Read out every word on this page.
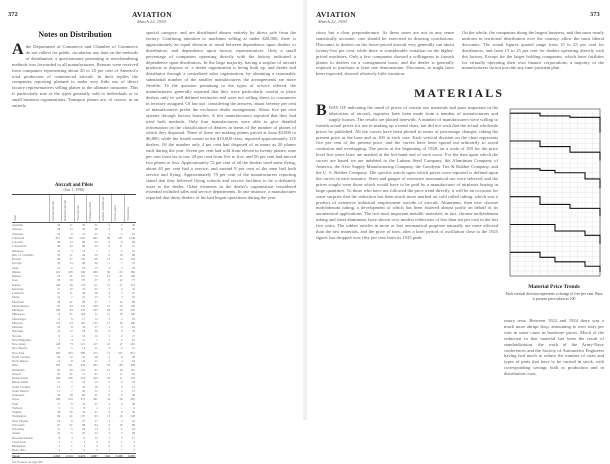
372	AVIATION
March 22, 1930
Notes on Distribution

Athe Department of Commerce and Chamber of Commerce do not collect for public circulation any data on the methods of distribution, a questionnaire pertaining to merchandising methods was forwarded to all manufacturers. Returns were received from companies representing about 20 to 25 per cent of America's total production of commercial aircraft. In their replies the companies reporting planned to make very little use of direct factory representatives selling planes to the ultimate consumer. This is particularly true of the types generally sold to individuals or to small business organizations. Transport planes are, of course, in an entirely

Aircraft and Pilots
(Jan. 1, 1930)
State	Licensed aircraft	Identified aircraft	Total aircraft	Transport pilots	Limited commercial	Private pilots	Total pilots
Alabama	18	11	29	31	4	5	40
Arizona	28	14	42	38	3	6	47
Arkansas	22	9	31	21	4	2	27
California	871	310	1181	963	98	185	1246
Colorado	46	14	60	54	6	9	69
Connecticut	40	22	62	42	8	11	61
Delaware	10	4	14	7	1	2	10
Dist. of Columbia	33	11	44	59	9	18	86
Florida	96	37	133	119	11	24	154
Georgia	33	13	46	39	5	7	51
Idaho	12	6	18	13	2	3	18
Illinois	241	108	349	266	36	82	384
Indiana	74	41	115	73	12	21	106
Iowa	58	29	87	57	8	12	77
Kansas	128	48	176	111	15	27	153
Kentucky	21	10	31	24	3	4	31
Louisiana	27	11	38	36	4	7	47
Maine	14	7	21	13	2	3	18
Maryland	39	21	60	47	7	12	66
Massachusetts	97	44	141	108	15	33	156
Michigan	196	83	279	187	29	54	270
Minnesota	72	31	103	71	11	18	100
Mississippi	11	6	17	12	2	2	16
Missouri	133	54	187	137	17	36	190
Montana	16	8	24	17	3	4	24
Nebraska	41	17	58	36	6	8	50
Nevada	9	4	13	14	1	2	17
New Hampshire	7	4	11	7	1	2	10
New Jersey	148	73	221	147	22	47	216
New Mexico	9	5	14	11	2	2	15
New York	496	203	699	573	71	167	811
North Carolina	29	12	41	28	4	6	38
North Dakota	14	8	22	11	2	3	16
Ohio	303	131	434	297	43	88	428
Oklahoma	85	36	121	91	12	18	121
Oregon	50	21	71	47	7	11	65
Pennsylvania	246	108	354	249	33	71	353
Rhode Island	11	5	16	13	2	3	18
South Carolina	15	7	22	16	2	3	21
South Dakota	13	7	20	11	2	2	15
Tennessee	42	18	60	41	6	9	56
Texas	268	104	372	291	34	56	381
Utah	17	8	25	21	3	4	28
Vermont	5	3	8	4	1	1	6
Virginia	36	16	52	41	6	9	56
Washington	96	41	137	93	13	22	128
West Virginia	18	9	27	17	3	4	24
Wisconsin	67	31	98	64	9	16	89
Wyoming	11	5	16	14	2	2	18
Alaska	19	6	25	22	3	3	28
Hawaiian Islands	8	3	11	12	2	3	17
Canal Zone	2	1	3	4	0	1	5
Philippines	2	1	3	3	0	1	4
Puerto Rico	3	1	4	3	1	1	5
Totals	4,563	2,113	6,676	4,887	642	1,280	6,809
See footnote on page 366

special category, and are distributed almost entirely by direct sale from the factory. Confining attention to machines selling at under $20,000, there is approximately an equal division of trend between dependence upon dealers or distributors, and dependence upon factory representatives. Only a small percentage of companies operating directly with the factory indicated a dependence upon distributors. In the large majority, having a surplus of aircraft products to dispose of, a dealer organization is being built up, and dealer and distributor through a centralized sales organization, by obtaining a reasonably substantial number of the smaller manufacturers the arrangements are more flexible. To the question pertaining to the types of service offered, the manufacturers generally reported that they were particularly careful to place dealers only in well-defined territories and were not selling direct to consumers in territory assigned. Of fair use, considering the answers, about seventy per cent of manufacturers prefer the exclusive dealer arrangement. About five per cent operate through factory branches. A few manufacturers reported that they had tried both methods. Only four manufacturers were able to give detailed information on the classification of dealers in terms of the number of planes of which they disposed. Three of these are making planes priced at from $3,000 to $6,000, while the fourth comes in the $10,000 class, reported approximately 125 dealers. Of the number only 4 per cent had disposed of as many as 20 planes each during the year. Seven per cent had sold from eleven to twenty planes; nine per cent from six to ten; 20 per cent from five to five, and 56 per cent had moved two planes or less. Approximately 72 per cent of all the dealers used some flying, about 20 per cent had a service, and around 8 per cent of the men had both service and flying. Approximately 75 per cent of the manufacturers reporting stated that they believed flying schools and service facilities to be a definitely asset to the dealer. Other elements in the dealer's organization considered essential included sales and service departments. In one instance, a manufacturer reported that thirty dealers of his had begun operations during the year.

AVIATION
March 22, 1930
373

ritory but a clear preponderance. As these notes are not in any sense statistically accurate, care should be exercised in drawing conclusions. Discounts to dealers on the lower-priced aircraft very generally run about twenty-five per cent, while there is considerable variation on the higher-priced machines. Only a few companies showed a willingness to furnish planes to dealers on a consignment basis, and the dealer is generally required to purchase at least one demonstrator. Discounts, as might have been expected, showed relatively little variation.

On the whole, the companies doing the largest business, and that most nearly uniform in territorial distribution over the country, allow the most liberal discounts. The actual figures quoted range from 15 to 25 per cent for distributors, and from 15 to 25 per cent for dealers operating directly with the factory. Except for the larger holding companies, which have facilities for virtually operating their own finance corporations, a majority of the manufacturers do not provide any time payment plan.

MATERIALS

BWAY OF indicating the trend of prices of certain raw materials and parts important in the fabrication of aircraft, inquiries have been made from a number of manufacturers and supply houses. The results are plotted herewith. A number of manufacturers were willing to furnish actual prices for use in making up a trend chart, but did not wish that the actual wholesale prices be published. All the curves have been plotted in terms of percentage changes, taking the present price as the base and as 100 in each case. Each vertical division on the chart represents five per cent of the present price, and the curves have been spread out arbitrarily to avoid confusion and overlapping. The prices at the beginning of 1928, on a scale of 100 for the price level five years later, are marked at the left-hand end of each curve. For the data upon which the curves are based we are indebted to the Lukens Steel Company, the Aluminum Company of America, the Aero Supply Manufacturing Company, the Goodyear Tire & Rubber Company, and the U. S. Rubber Company. The specific article upon which prices were reported is defined upon the curves in each instance. Sizes and gauges of extensive aeronautical use were selected, and the prices sought were those which would have to be paid by a manufacturer of airplanes buying in large quantities. To those who have not followed the price trend directly, it will be an occasion for some surprise that the reduction has been much more marked on cold rolled tubing, which was a product of extensive industrial employment outside of aircraft. Aluminum, then new chrome molybdenum tubing, a development of which has been fostered almost partly on behalf of its aeronautical applications. The two most important metallic materials, in fact, chrome molybdenum tubing and sheet aluminum, have shown very modest reductions of less than ten per cent in the last five years. The rubber articles in more or less aeronautical purposes naturally are more affected than the raw materials, and the price of tires, after a brief period of oscillation close to the 1925 figure, has dropped over fifty per cent from its 1925 peak.

Material Price Trends
Each vertical division represents a change of five per cent. Base is present price taken as 100

ratory tests. Between 1922 and 1924 there was a much more abrupt drop, amounting to over sixty per cent in some cases in hardware prices. Much of the reduction in that material has been the result of standardization, the work of the Army-Navy conferences and the Society of Automotive Engineers having had much to reduce the number of sizes and types of parts that have to be carried in stock, with corresponding savings both in production and in distribution costs.
